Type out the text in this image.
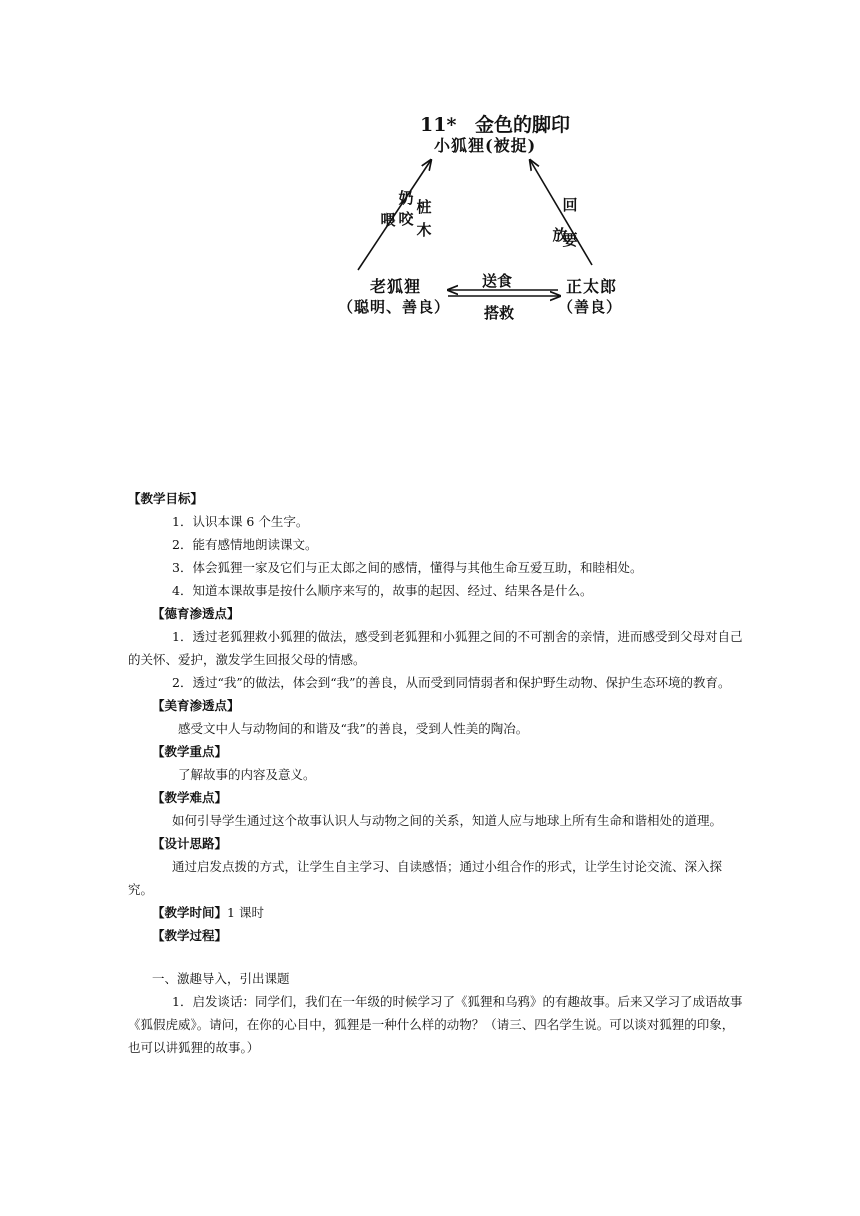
11* 金色的脚印
小狐狸(被捉)
喂
奶咬
桩木	放
回要
老狐狸
（聪明、善良）
正太郎
（善良）
送食
搭救

【教学目标】

1．认识本课 6 个生字。

2．能有感情地朗读课文。

3．体会狐狸一家及它们与正太郎之间的感情，懂得与其他生命互爱互助，和睦相处。

4．知道本课故事是按什么顺序来写的，故事的起因、经过、结果各是什么。

【德育渗透点】

1．透过老狐狸救小狐狸的做法，感受到老狐狸和小狐狸之间的不可割舍的亲情，进而感受到父母对自己的关怀、爱护，激发学生回报父母的情感。

2．透过“我”的做法，体会到“我”的善良，从而受到同情弱者和保护野生动物、保护生态环境的教育。

【美育渗透点】

感受文中人与动物间的和谐及“我”的善良，受到人性美的陶冶。

【教学重点】

了解故事的内容及意义。

【教学难点】

如何引导学生通过这个故事认识人与动物之间的关系，知道人应与地球上所有生命和谐相处的道理。

【设计思路】

通过启发点拨的方式，让学生自主学习、自读感悟；通过小组合作的形式，让学生讨论交流、深入探究。

【教学时间】1 课时

【教学过程】

一、激趣导入，引出课题

1．启发谈话：同学们，我们在一年级的时候学习了《狐狸和乌鸦》的有趣故事。后来又学习了成语故事《狐假虎威》。请问，在你的心目中，狐狸是一种什么样的动物？（请三、四名学生说。可以谈对狐狸的印象，也可以讲狐狸的故事。）
